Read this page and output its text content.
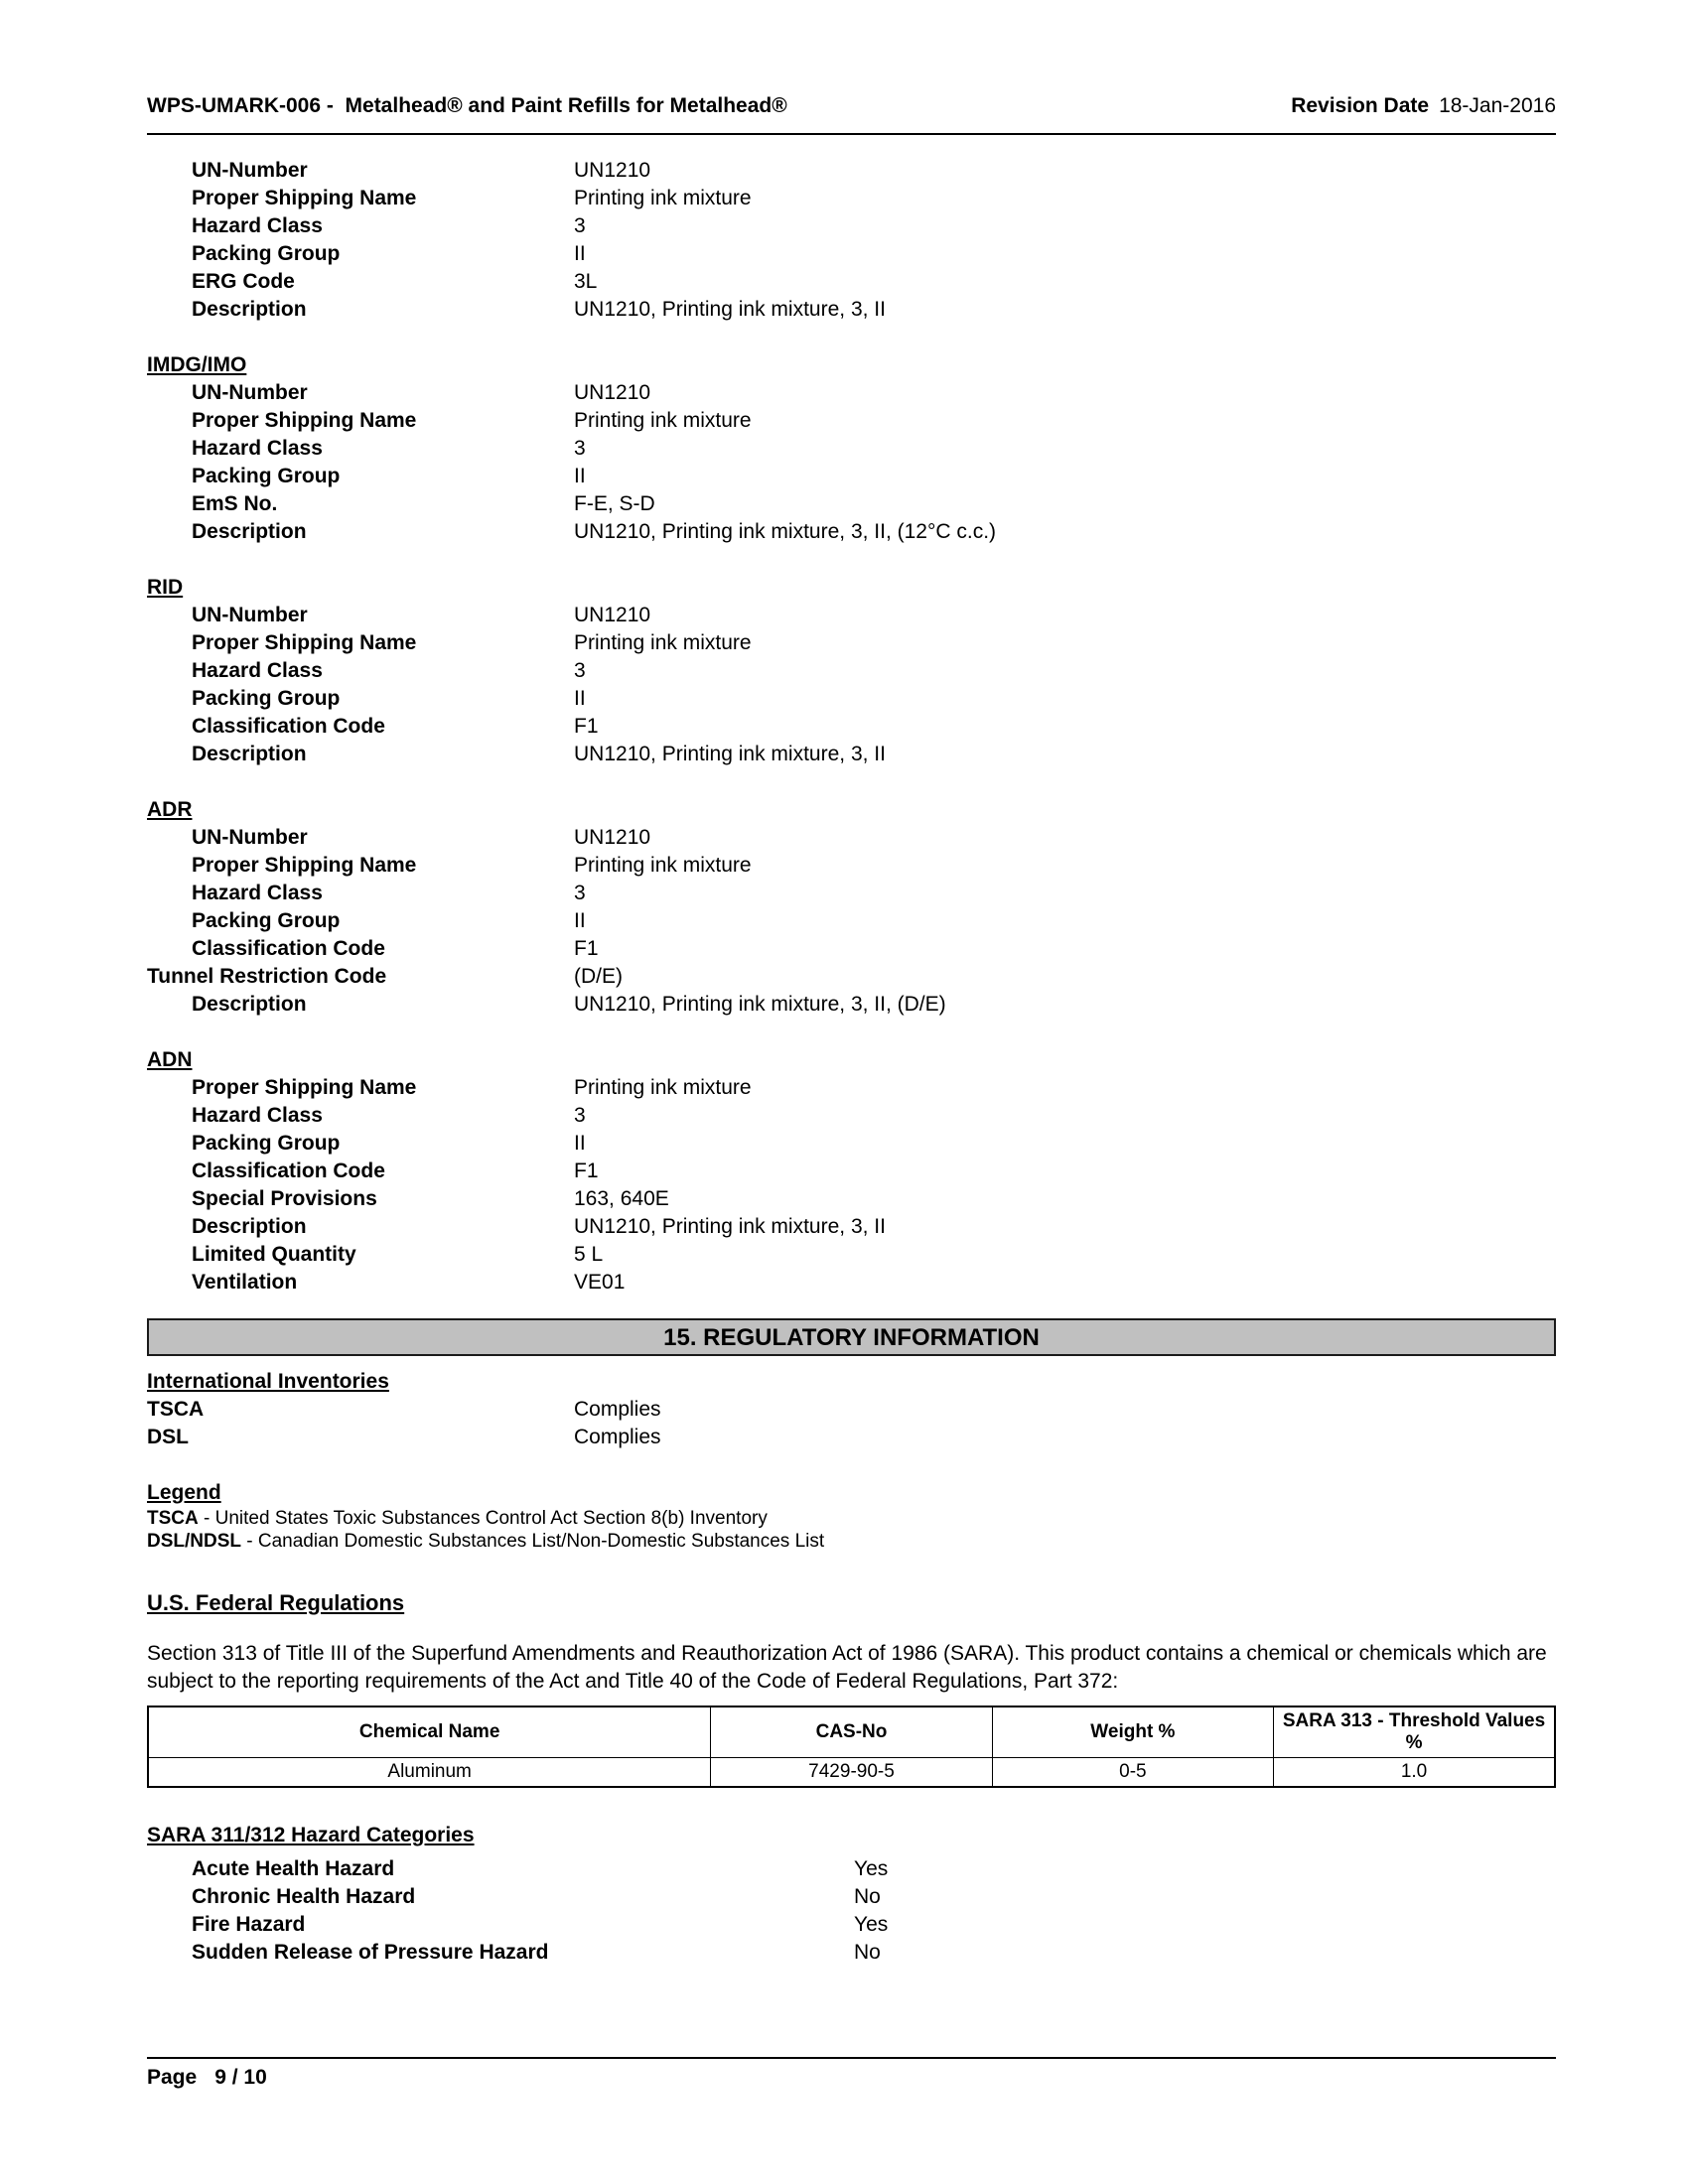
WPS-UMARK-006 -  Metalhead® and Paint Refills for Metalhead®	Revision Date 18-Jan-2016
UN-Number	UN1210
Proper Shipping Name	Printing ink mixture
Hazard Class	3
Packing Group	II
ERG Code	3L
Description	UN1210, Printing ink mixture, 3, II
IMDG/IMO
UN-Number	UN1210
Proper Shipping Name	Printing ink mixture
Hazard Class	3
Packing Group	II
EmS No.	F-E, S-D
Description	UN1210, Printing ink mixture, 3, II, (12°C c.c.)
RID
UN-Number	UN1210
Proper Shipping Name	Printing ink mixture
Hazard Class	3
Packing Group	II
Classification Code	F1
Description	UN1210, Printing ink mixture, 3, II
ADR
UN-Number	UN1210
Proper Shipping Name	Printing ink mixture
Hazard Class	3
Packing Group	II
Classification Code	F1
Tunnel Restriction Code	(D/E)
Description	UN1210, Printing ink mixture, 3, II, (D/E)
ADN
Proper Shipping Name	Printing ink mixture
Hazard Class	3
Packing Group	II
Classification Code	F1
Special Provisions	163, 640E
Description	UN1210, Printing ink mixture, 3, II
Limited Quantity	5 L
Ventilation	VE01
15. REGULATORY INFORMATION
International Inventories
TSCA	Complies
DSL	Complies
Legend
TSCA - United States Toxic Substances Control Act Section 8(b) Inventory
DSL/NDSL - Canadian Domestic Substances List/Non-Domestic Substances List
U.S. Federal Regulations

Section 313 of Title III of the Superfund Amendments and Reauthorization Act of 1986 (SARA). This product contains a chemical or chemicals which are subject to the reporting requirements of the Act and Title 40 of the Code of Federal Regulations, Part 372:

Chemical Name	CAS-No	Weight %	SARA 313 - Threshold Values %
Aluminum	7429-90-5	0-5	1.0
SARA 311/312 Hazard Categories
Acute Health Hazard	Yes
Chronic Health Hazard	No
Fire Hazard	Yes
Sudden Release of Pressure Hazard	No
Page 9 / 10
